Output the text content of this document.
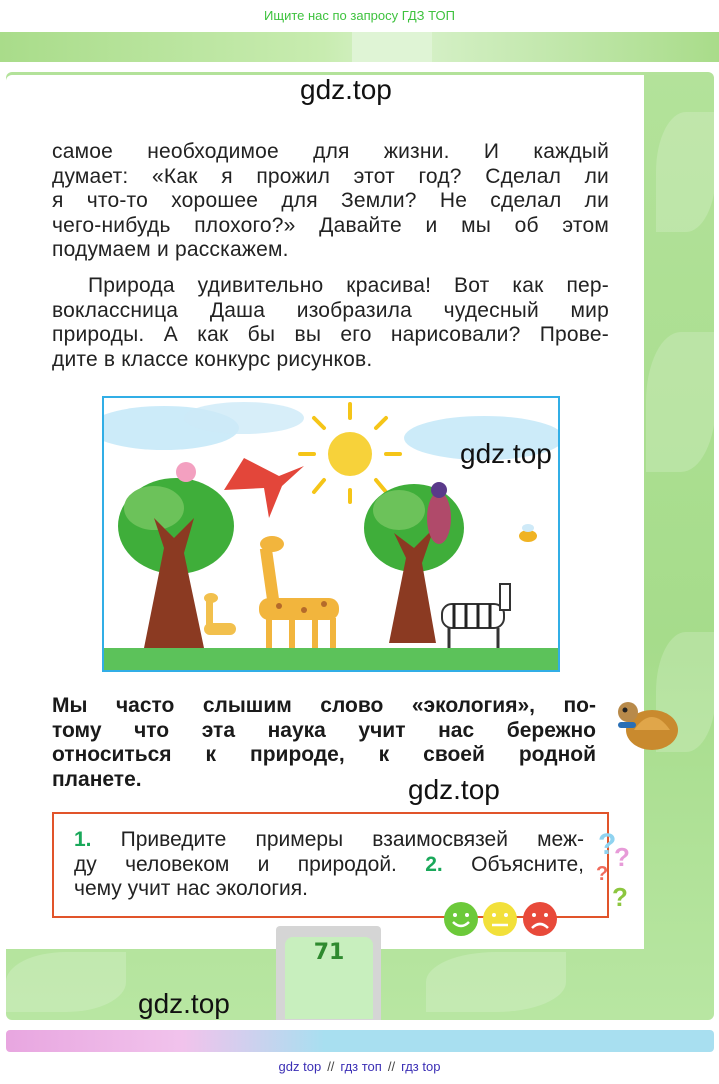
Ищите нас по запросу ГДЗ ТОП
gdz.top
самое необходимое для жизни. И каждый
думает: «Как я прожил этот год? Сделал ли
я что-то хорошее для Земли? Не сделал ли
чего-нибудь плохого?» Давайте и мы об этом
подумаем и расскажем.
Природа удивительно красива! Вот как пер-
воклассница Даша изобразила чудесный мир
природы. А как бы вы его нарисовали? Прове-
дите в классе конкурс рисунков.
gdz.top
Мы часто слышим слово «экология», по-
тому что эта наука учит нас бережно
относиться к природе, к своей родной
планете.	gdz.top
1. Приведите примеры взаимосвязей меж-
ду человеком и природой. 2. Объясните,
чему учит нас экология.
?
?
?
?
71
gdz.top
gdz top // гдз топ // гдз top
